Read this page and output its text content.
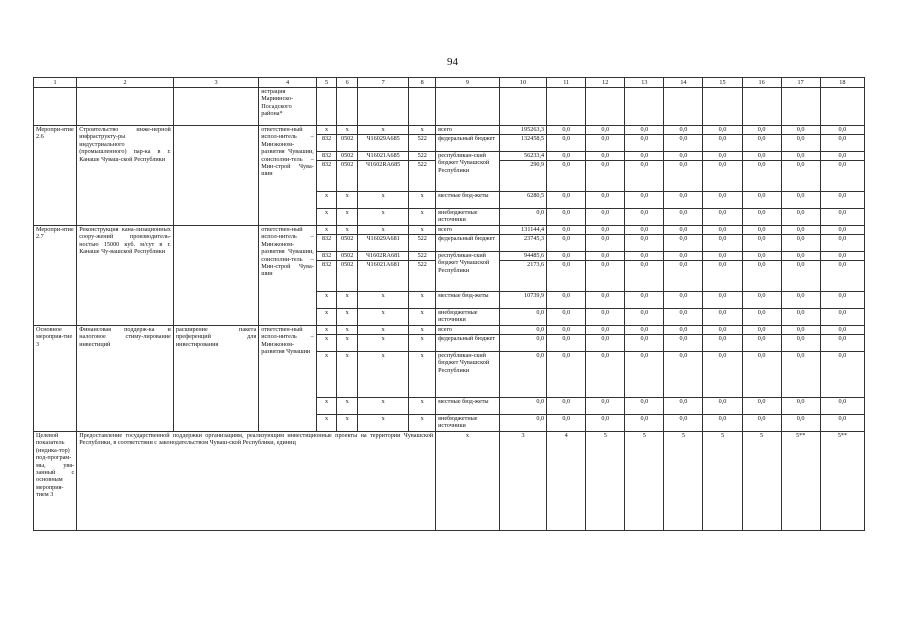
94
1	2	3	4	5	6	7	8	9	10	11	12	13	14	15	16	17	18
			истрация Мариинско-Посадского района*														
Меропри-ятие 2.6	Строительство инже-нерной инфраструкту-ры индустриального (промышленного) пар-ка в г. Канаше Чуваш-ской Республики		ответствен-ный испол-нитель – Минэконом-развития Чувашии, соисполни-тель – Мин-строй Чува-шии	x	x	x	x	всего	195263,3	0,0	0,0	0,0	0,0	0,0	0,0	0,0	0,0
				832	0502	Ч16029А685	522	федеральный бюджет	132458,5	0,0	0,0	0,0	0,0	0,0	0,0	0,0	0,0
				832	0502	Ч16021А685	522	республикан-ский бюджет Чувашской Республики	56233,4	0,0	0,0	0,0	0,0	0,0	0,0	0,0	0,0
				832	0502	Ч1602RА685	522		290,9	0,0	0,0	0,0	0,0	0,0	0,0	0,0	0,0
				x	x	x	x	местные бюд-жеты	6280,5	0,0	0,0	0,0	0,0	0,0	0,0	0,0	0,0
				x	x	x	x	внебюджетные источники	0,0	0,0	0,0	0,0	0,0	0,0	0,0	0,0	0,0
Меропри-ятие 2.7	Реконструкция кана-лизационных соору-жений производитель-ностью 15000 куб. м/сут в г. Канаше Чу-вашской Республики		ответствен-ный испол-нитель – Минэконом-развития Чувашии, соисполни-тель – Мин-строй Чува-шии	x	x	x	x	всего	131144,4	0,0	0,0	0,0	0,0	0,0	0,0	0,0	0,0
				832	0502	Ч16029А681	522	федеральный бюджет	23745,3	0,0	0,0	0,0	0,0	0,0	0,0	0,0	0,0
				832	0502	Ч1602RА681	522	республикан-ский бюджет Чувашской Республики	94485,6	0,0	0,0	0,0	0,0	0,0	0,0	0,0	0,0
				832	0502	Ч16021А681	522		2173,6	0,0	0,0	0,0	0,0	0,0	0,0	0,0	0,0
				x	x	x	x	местные бюд-жеты	10739,9	0,0	0,0	0,0	0,0	0,0	0,0	0,0	0,0
				x	x	x	x	внебюджетные источники	0,0	0,0	0,0	0,0	0,0	0,0	0,0	0,0	0,0
Основное мероприя-тие 3	Финансовая поддерж-ка и налоговое стиму-лирование инвестиций	расширение пакета преференций для инвестирования	ответствен-ный испол-нитель – Минэконом-развития Чувашии	x	x	x	x	всего	0,0	0,0	0,0	0,0	0,0	0,0	0,0	0,0	0,0
				x	x	x	x	федеральный бюджет	0,0	0,0	0,0	0,0	0,0	0,0	0,0	0,0	0,0
				x	x	x	x	республикан-ский бюджет Чувашской Республики	0,0	0,0	0,0	0,0	0,0	0,0	0,0	0,0	0,0
				x	x	x	x	местные бюд-жеты	0,0	0,0	0,0	0,0	0,0	0,0	0,0	0,0	0,0
				x	x	x	x	внебюджетные источники	0,0	0,0	0,0	0,0	0,0	0,0	0,0	0,0	0,0
Целевой показатель (индика-тор) под-програм-мы, увя-занный с основным мероприя-тием 3	Предоставление государственной поддержки организациям, реализующим инвестиционные проекты на территории Чувашской Республики, в соответствии с законодательством Чуваш-ской Республики, единиц							x	3	4	5	5	5	5	5	5**	5**
